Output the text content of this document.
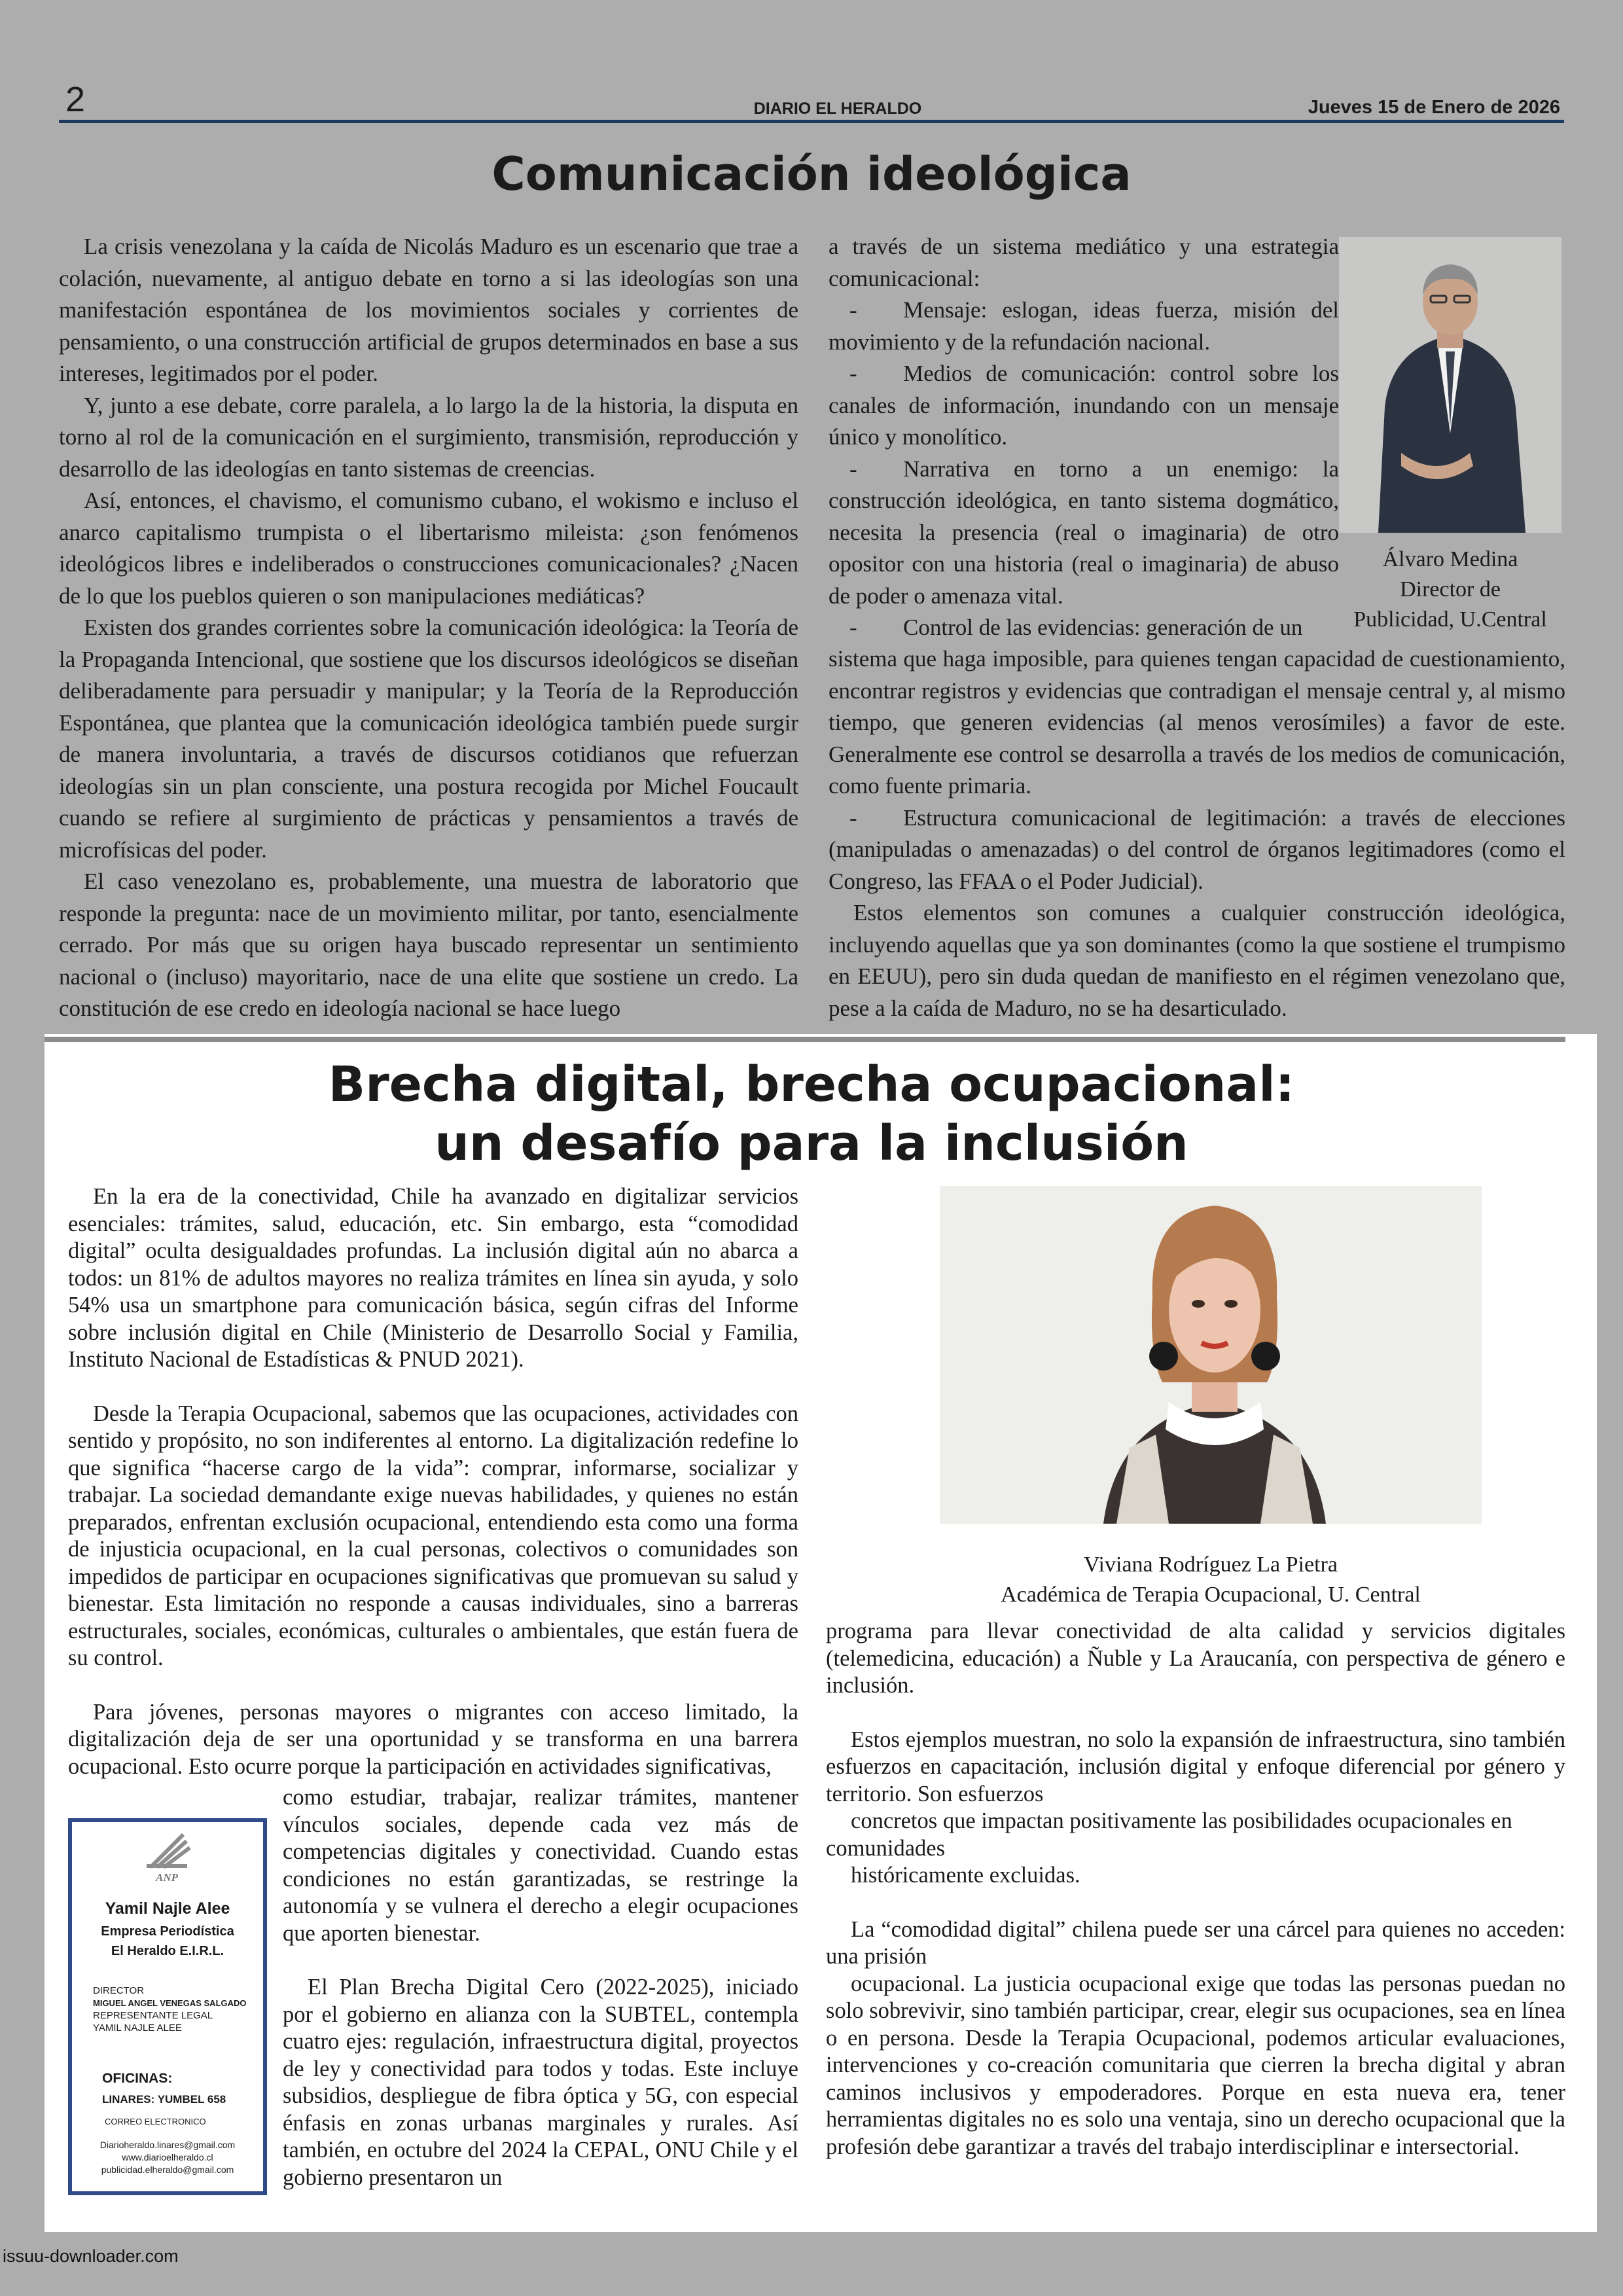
2	DIARIO EL HERALDO	Jueves 15 de Enero de 2026
Comunicación ideológica

La crisis venezolana y la caída de Nicolás Maduro es un escenario que trae a colación, nuevamente, al antiguo debate en torno a si las ideologías son una manifestación espontánea de los movimientos sociales y corrientes de pensamiento, o una construcción artificial de grupos determinados en base a sus intereses, legitimados por el poder.

Y, junto a ese debate, corre paralela, a lo largo la de la historia, la disputa en torno al rol de la comunicación en el surgimiento, transmisión, reproducción y desarrollo de las ideologías en tanto sistemas de creencias.

Así, entonces, el chavismo, el comunismo cubano, el wokismo e incluso el anarco capitalismo trumpista o el libertarismo mileista: ¿son fenómenos ideológicos libres e indeliberados o construcciones comunicacionales? ¿Nacen de lo que los pueblos quieren o son manipulaciones mediáticas?

Existen dos grandes corrientes sobre la comunicación ideológica: la Teoría de la Propaganda Intencional, que sostiene que los discursos ideológicos se diseñan deliberadamente para persuadir y manipular; y la Teoría de la Reproducción Espontánea, que plantea que la comunicación ideológica también puede surgir de manera involuntaria, a través de discursos cotidianos que refuerzan ideologías sin un plan consciente, una postura recogida por Michel Foucault cuando se refiere al surgimiento de prácticas y pensamientos a través de microfísicas del poder.

El caso venezolano es, probablemente, una muestra de laboratorio que responde la pregunta: nace de un movimiento militar, por tanto, esencialmente cerrado. Por más que su origen haya buscado representar un sentimiento nacional o (incluso) mayoritario, nace de una elite que sostiene un credo. La constitución de ese credo en ideología nacional se hace luego

a través de un sistema mediático y una estrategia comunicacional:

- Mensaje: eslogan, ideas fuerza, misión del movimiento y de la refundación nacional.

- Medios de comunicación: control sobre los canales de información, inundando con un mensaje único y monolítico.

- Narrativa en torno a un enemigo: la construcción ideológica, en tanto sistema dogmático, necesita la presencia (real o imaginaria) de otro opositor con una historia (real o imaginaria) de abuso de poder o amenaza vital.

- Control de las evidencias: generación de un

sistema que haga imposible, para quienes tengan capacidad de cuestionamiento, encontrar registros y evidencias que contradigan el mensaje central y, al mismo tiempo, que generen evidencias (al menos verosímiles) a favor de este. Generalmente ese control se desarrolla a través de los medios de comunicación, como fuente primaria.

- Estructura comunicacional de legitimación: a través de elecciones (manipuladas o amenazadas) o del control de órganos legitimadores (como el Congreso, las FFAA o el Poder Judicial).

Estos elementos son comunes a cualquier construcción ideológica, incluyendo aquellas que ya son dominantes (como la que sostiene el trumpismo en EEUU), pero sin duda quedan de manifiesto en el régimen venezolano que, pese a la caída de Maduro, no se ha desarticulado.

Álvaro Medina
Director de
Publicidad, U.Central
Brecha digital, brecha ocupacional:
un desafío para la inclusión

En la era de la conectividad, Chile ha avanzado en digitalizar servicios esenciales: trámites, salud, educación, etc. Sin embargo, esta “comodidad digital” oculta desigualdades profundas. La inclusión digital aún no abarca a todos: un 81% de adultos mayores no realiza trámites en línea sin ayuda, y solo 54% usa un smartphone para comunicación básica, según cifras del Informe sobre inclusión digital en Chile (Ministerio de Desarrollo Social y Familia, Instituto Nacional de Estadísticas & PNUD 2021).

Desde la Terapia Ocupacional, sabemos que las ocupaciones, actividades con sentido y propósito, no son indiferentes al entorno. La digitalización redefine lo que significa “hacerse cargo de la vida”: comprar, informarse, socializar y trabajar. La sociedad demandante exige nuevas habilidades, y quienes no están preparados, enfrentan exclusión ocupacional, entendiendo esta como una forma de injusticia ocupacional, en la cual personas, colectivos o comunidades son impedidos de participar en ocupaciones significativas que promuevan su salud y bienestar. Esta limitación no responde a causas individuales, sino a barreras estructurales, sociales, económicas, culturales o ambientales, que están fuera de su control.

Para jóvenes, personas mayores o migrantes con acceso limitado, la digitalización deja de ser una oportunidad y se transforma en una barrera ocupacional. Esto ocurre porque la participación en actividades significativas,

como estudiar, trabajar, realizar trámites, mantener vínculos sociales, depende cada vez más de competencias digitales y conectividad. Cuando estas condiciones no están garantizadas, se restringe la autonomía y se vulnera el derecho a elegir ocupaciones que aporten bienestar.

El Plan Brecha Digital Cero (2022-2025), iniciado por el gobierno en alianza con la SUBTEL, contempla cuatro ejes: regulación, infraestructura digital, proyectos de ley y conectividad para todos y todas. Este incluye subsidios, despliegue de fibra óptica y 5G, con especial énfasis en zonas urbanas marginales y rurales. Así también, en octubre del 2024 la CEPAL, ONU Chile y el gobierno presentaron un

Viviana Rodríguez La Pietra
Académica de Terapia Ocupacional, U. Central

programa para llevar conectividad de alta calidad y servicios digitales (telemedicina, educación) a Ñuble y La Araucanía, con perspectiva de género e inclusión.

Estos ejemplos muestran, no solo la expansión de infraestructura, sino también esfuerzos en capacitación, inclusión digital y enfoque diferencial por género y territorio. Son esfuerzos

concretos que impactan positivamente las posibilidades ocupacionales en comunidades

históricamente excluidas.

La “comodidad digital” chilena puede ser una cárcel para quienes no acceden: una prisión

ocupacional. La justicia ocupacional exige que todas las personas puedan no solo sobrevivir, sino también participar, crear, elegir sus ocupaciones, sea en línea o en persona. Desde la Terapia Ocupacional, podemos articular evaluaciones, intervenciones y co-creación comunitaria que cierren la brecha digital y abran caminos inclusivos y empoderadores. Porque en esta nueva era, tener herramientas digitales no es solo una ventaja, sino un derecho ocupacional que la profesión debe garantizar a través del trabajo interdisciplinar e intersectorial.

ANP
Yamil Najle Alee
Empresa Periodística
El Heraldo E.I.R.L.
DIRECTOR
MIGUEL ANGEL VENEGAS SALGADO
REPRESENTANTE LEGAL
YAMIL NAJLE ALEE
OFICINAS:
LINARES: YUMBEL 658
CORREO ELECTRONICO
Diarioheraldo.linares@gmail.com
www.diarioelheraldo.cl
publicidad.elheraldo@gmail.com
issuu-downloader.com
